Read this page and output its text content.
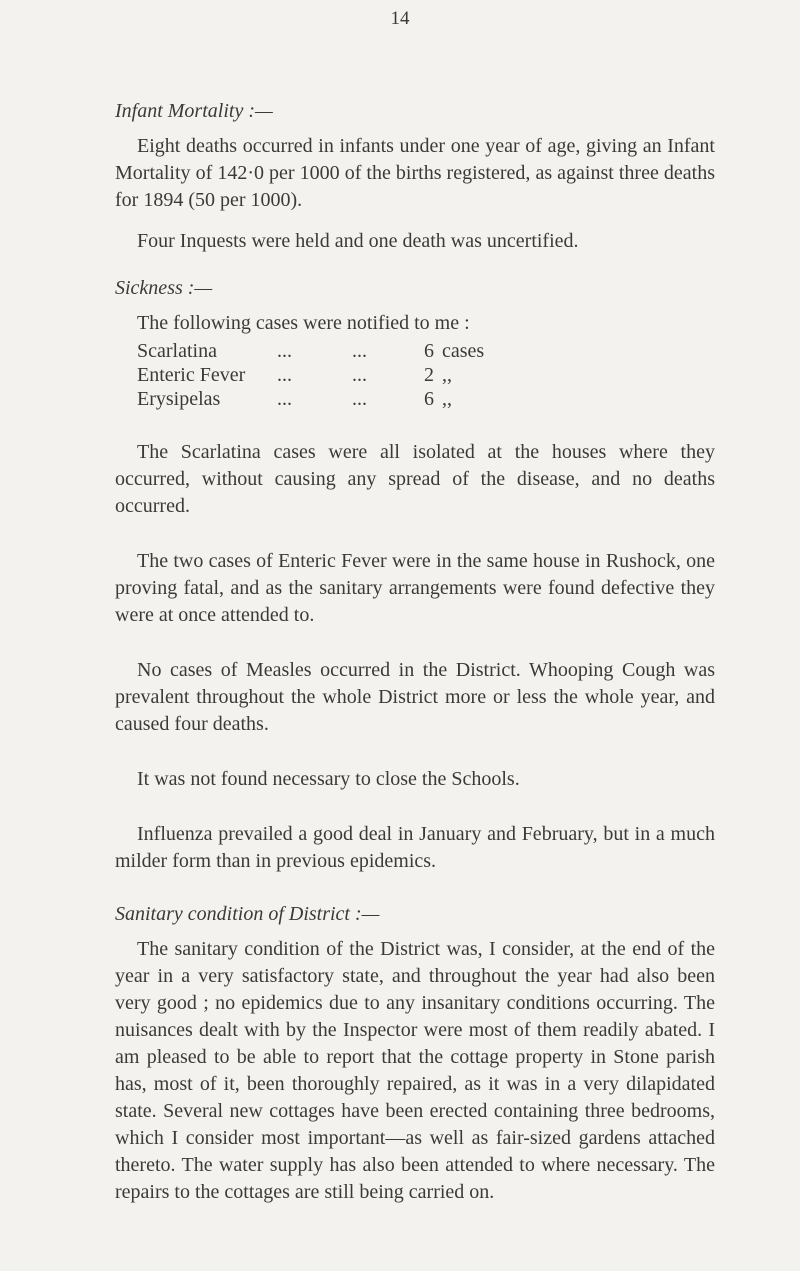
14
Infant Mortality :—

Eight deaths occurred in infants under one year of age, giving an Infant Mortality of 142·0 per 1000 of the births registered, as against three deaths for 1894 (50 per 1000).

Four Inquests were held and one death was uncertified.

Sickness :—

The following cases were notified to me :

Scarlatina	...	...	6 cases
Enteric Fever	...	...	2 ,,
Erysipelas	...	...	6 ,,

The Scarlatina cases were all isolated at the houses where they occurred, without causing any spread of the disease, and no deaths occurred.

The two cases of Enteric Fever were in the same house in Rushock, one proving fatal, and as the sanitary arrangements were found defective they were at once attended to.

No cases of Measles occurred in the District. Whooping Cough was prevalent throughout the whole District more or less the whole year, and caused four deaths.

It was not found necessary to close the Schools.

Influenza prevailed a good deal in January and February, but in a much milder form than in previous epidemics.

Sanitary condition of District :—

The sanitary condition of the District was, I consider, at the end of the year in a very satisfactory state, and throughout the year had also been very good ; no epidemics due to any insanitary conditions occurring. The nuisances dealt with by the Inspector were most of them readily abated. I am pleased to be able to report that the cottage property in Stone parish has, most of it, been thoroughly repaired, as it was in a very dilapidated state. Several new cottages have been erected containing three bedrooms, which I consider most important—as well as fair-sized gardens attached thereto. The water supply has also been attended to where necessary. The repairs to the cottages are still being carried on.
